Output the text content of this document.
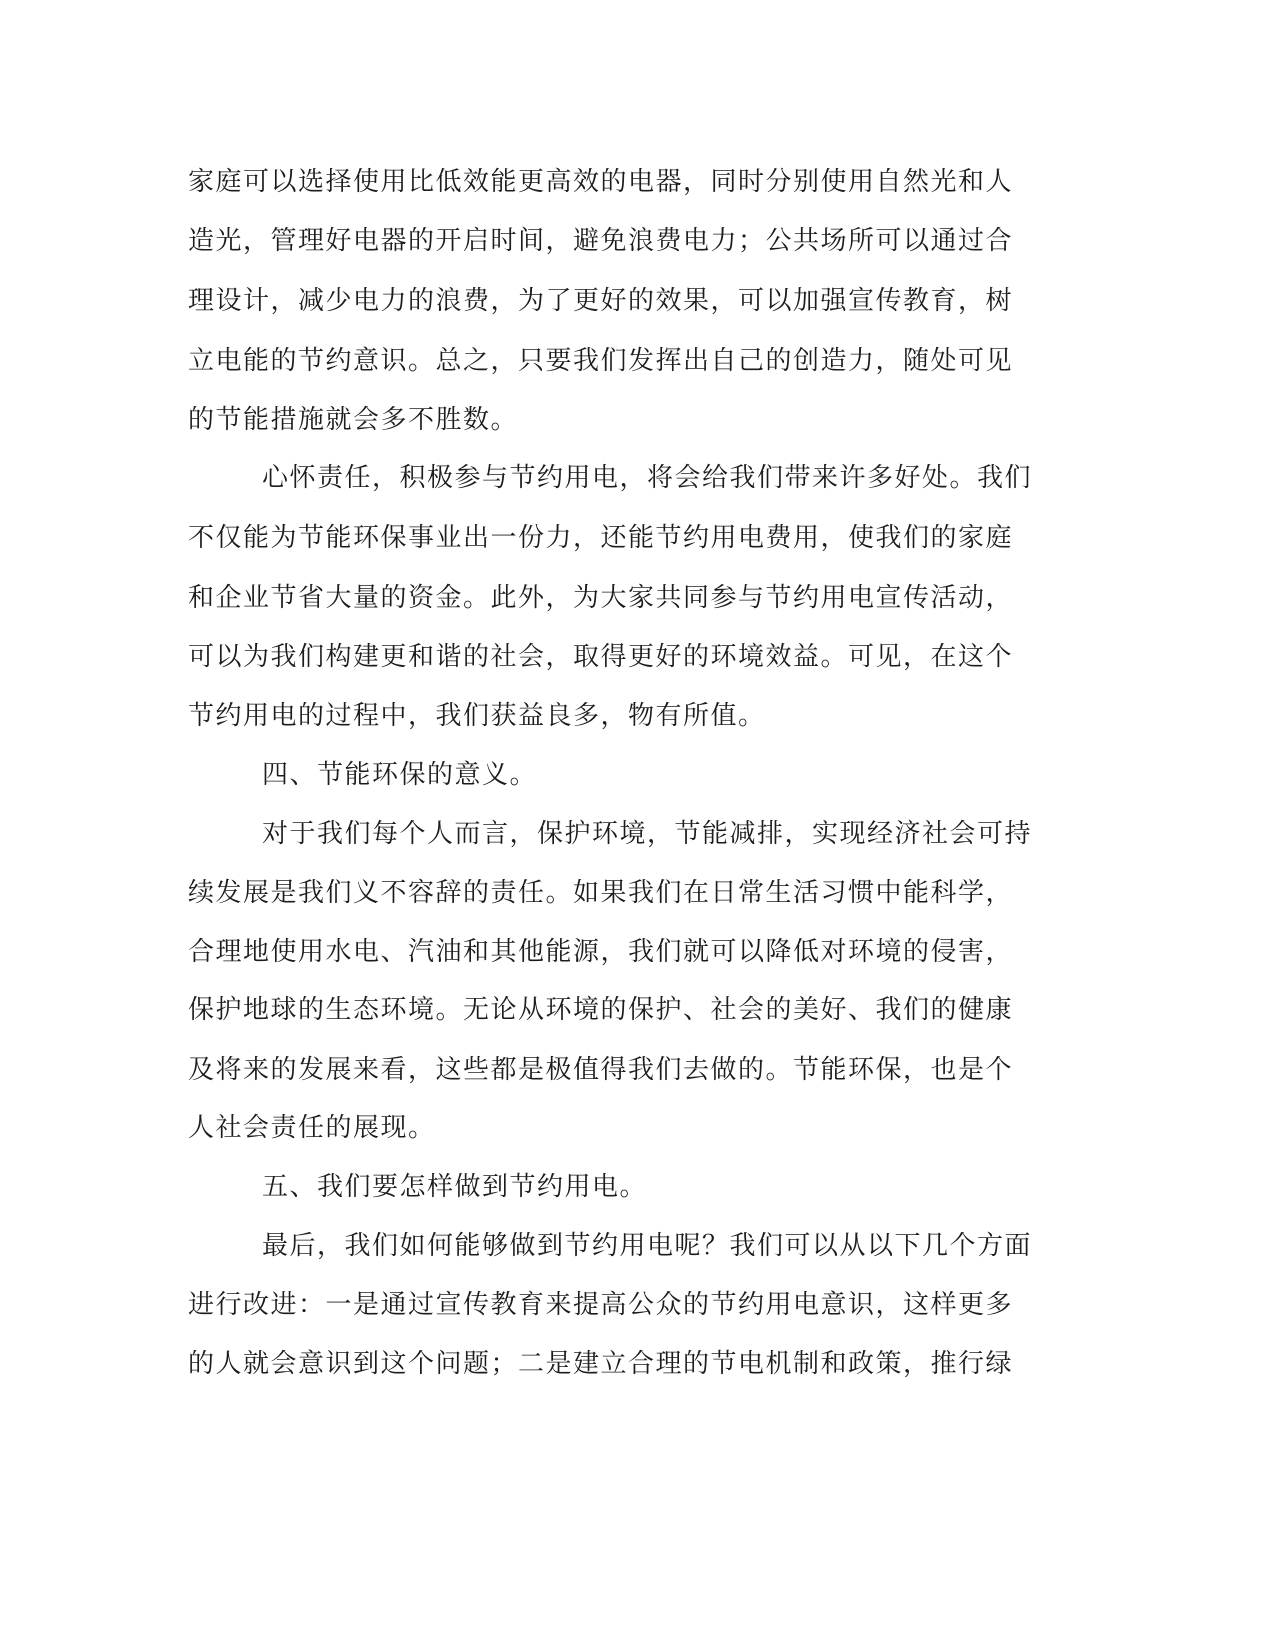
家庭可以选择使用比低效能更高效的电器，同时分别使用自然光和人
造光，管理好电器的开启时间，避免浪费电力；公共场所可以通过合
理设计，减少电力的浪费，为了更好的效果，可以加强宣传教育，树
立电能的节约意识。总之，只要我们发挥出自己的创造力，随处可见
的节能措施就会多不胜数。
心怀责任，积极参与节约用电，将会给我们带来许多好处。我们
不仅能为节能环保事业出一份力，还能节约用电费用，使我们的家庭
和企业节省大量的资金。此外，为大家共同参与节约用电宣传活动，
可以为我们构建更和谐的社会，取得更好的环境效益。可见，在这个
节约用电的过程中，我们获益良多，物有所值。
四、节能环保的意义。
对于我们每个人而言，保护环境，节能减排，实现经济社会可持
续发展是我们义不容辞的责任。如果我们在日常生活习惯中能科学，
合理地使用水电、汽油和其他能源，我们就可以降低对环境的侵害，
保护地球的生态环境。无论从环境的保护、社会的美好、我们的健康
及将来的发展来看，这些都是极值得我们去做的。节能环保，也是个
人社会责任的展现。
五、我们要怎样做到节约用电。
最后，我们如何能够做到节约用电呢？我们可以从以下几个方面
进行改进：一是通过宣传教育来提高公众的节约用电意识，这样更多
的人就会意识到这个问题；二是建立合理的节电机制和政策，推行绿
